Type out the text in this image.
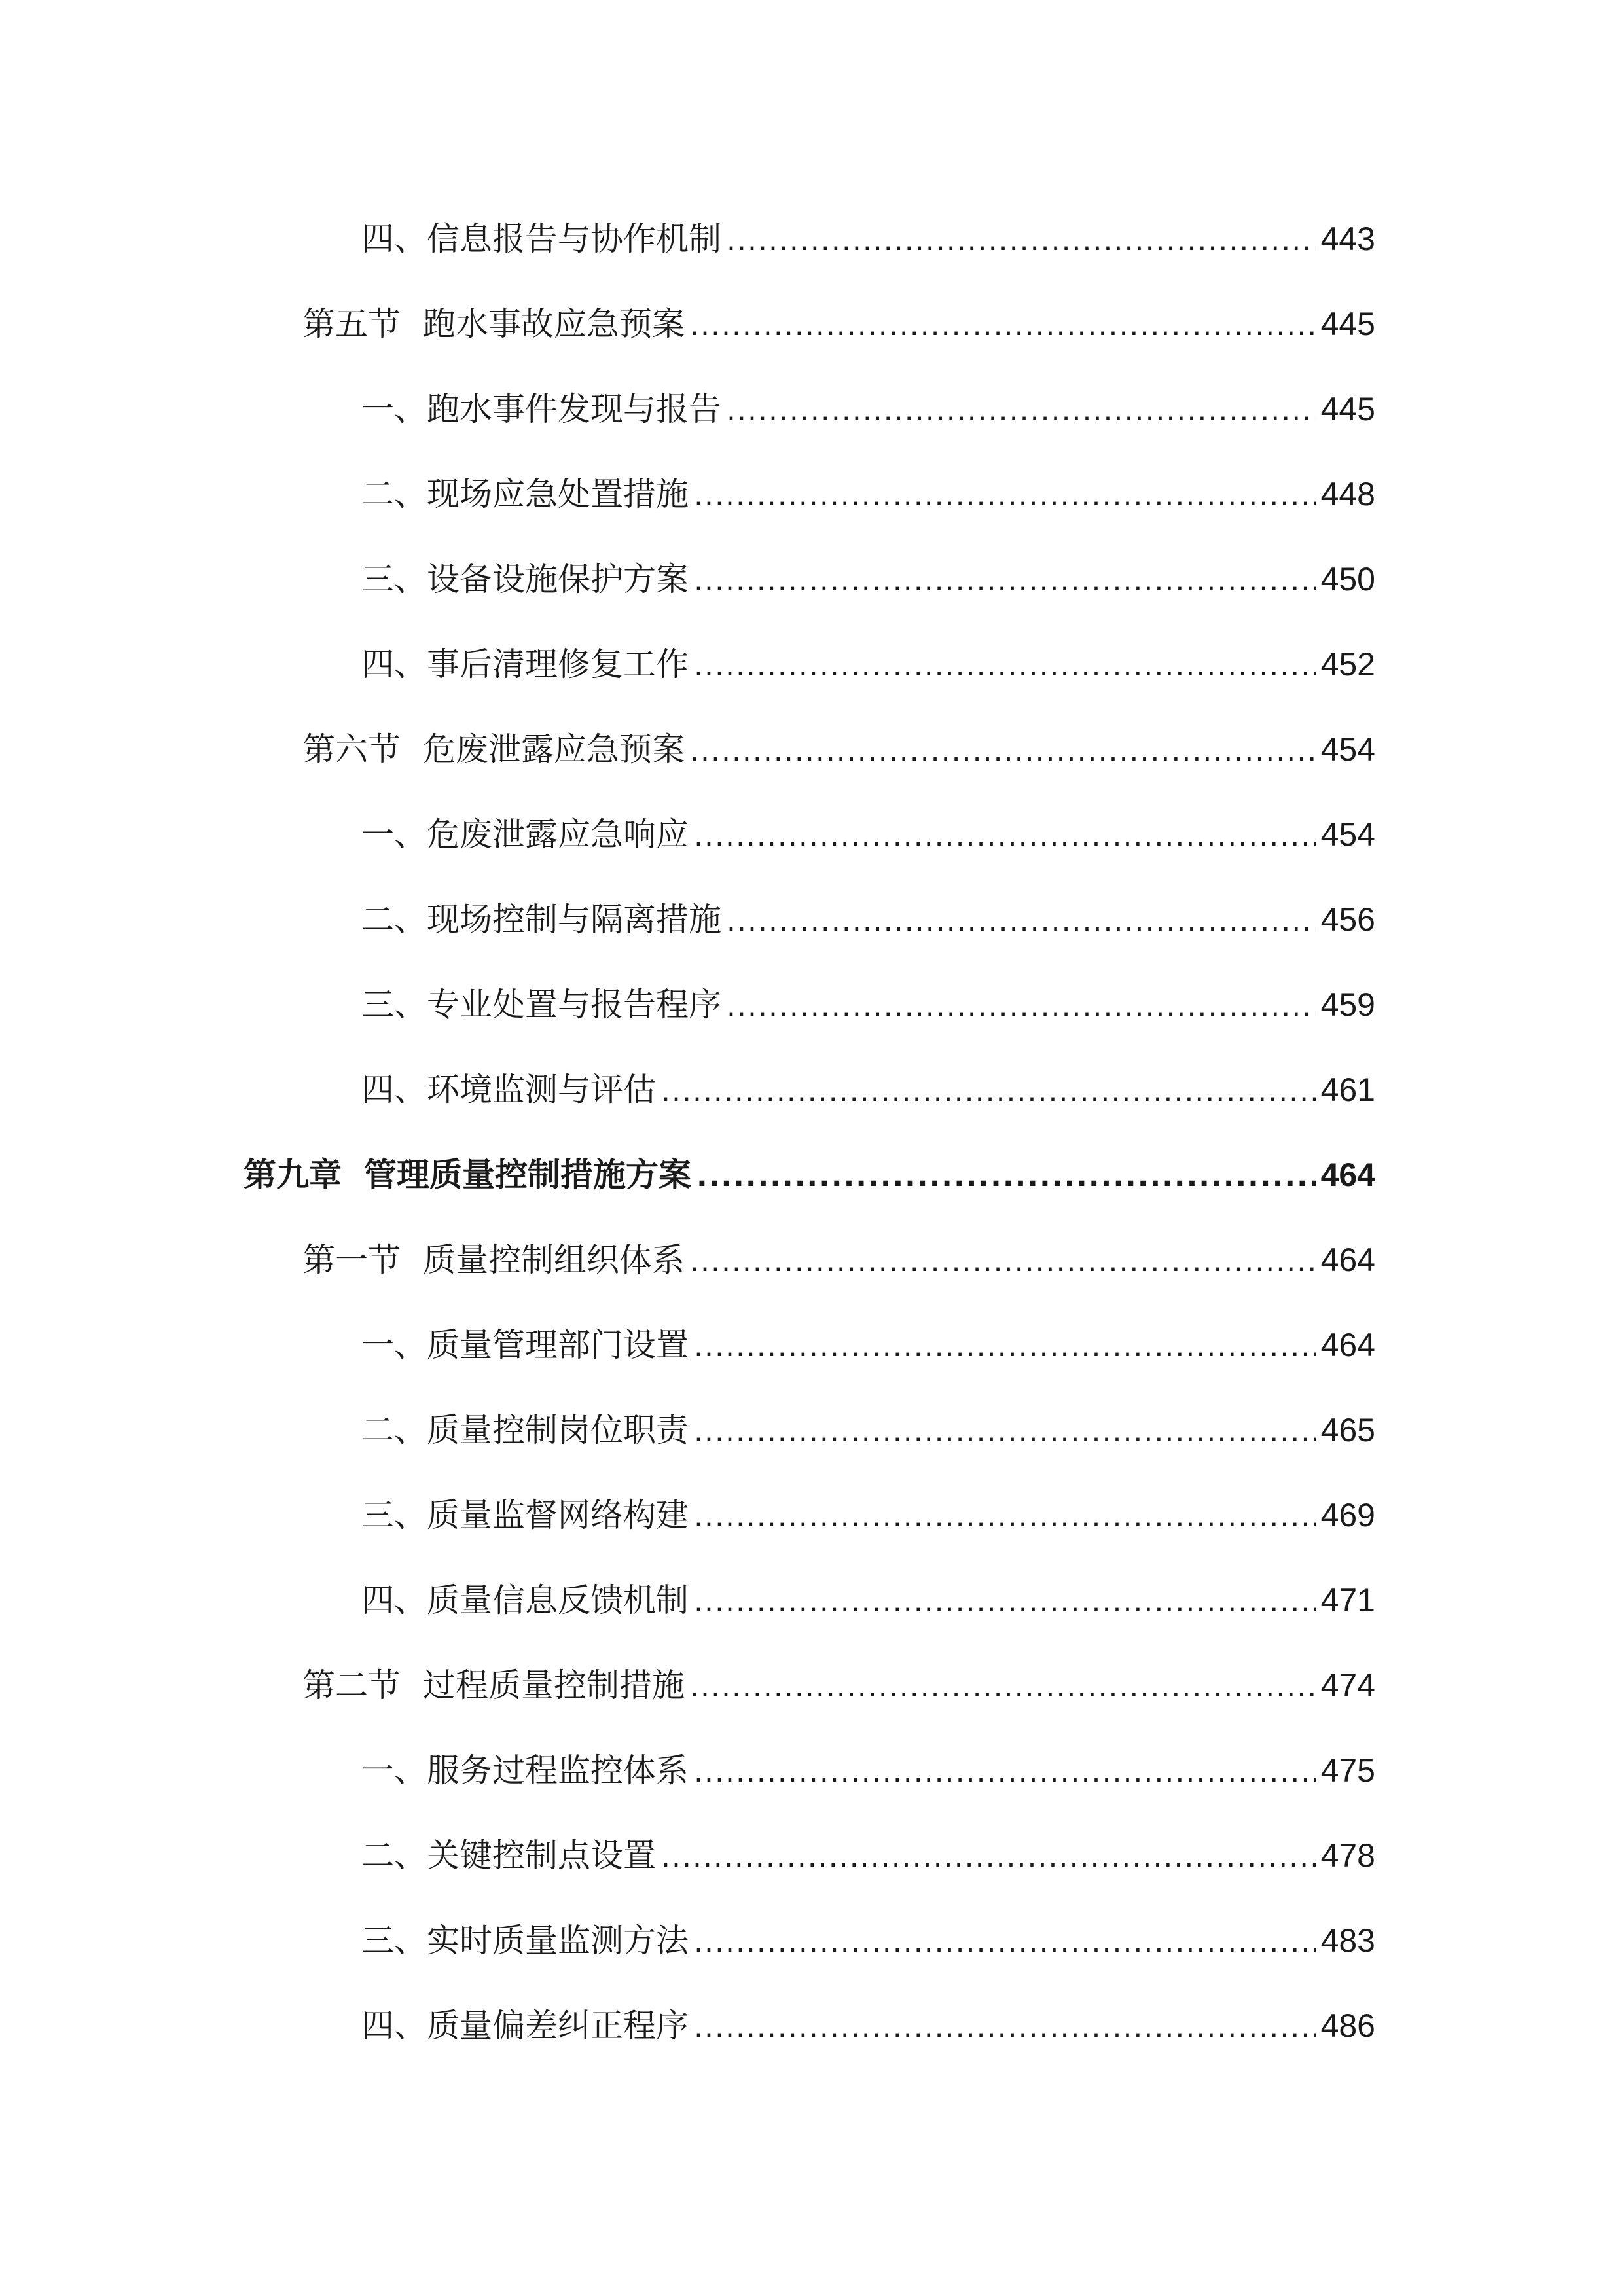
四、 信息报告与协作机制 .....	443
第五节 跑水事故应急预案 .....	445
一、 跑水事件发现与报告 .....	445
二、 现场应急处置措施 .....	448
三、 设备设施保护方案 .....	450
四、 事后清理修复工作 .....	452
第六节 危废泄露应急预案 .....	454
一、 危废泄露应急响应 .....	454
二、 现场控制与隔离措施 .....	456
三、 专业处置与报告程序 .....	459
四、 环境监测与评估 .....	461
第九章 管理质量控制措施方案 .....	464
第一节 质量控制组织体系 .....	464
一、 质量管理部门设置 .....	464
二、 质量控制岗位职责 .....	465
三、 质量监督网络构建 .....	469
四、 质量信息反馈机制 .....	471
第二节 过程质量控制措施 .....	474
一、 服务过程监控体系 .....	475
二、 关键控制点设置 .....	478
三、 实时质量监测方法 .....	483
四、 质量偏差纠正程序 .....	486
